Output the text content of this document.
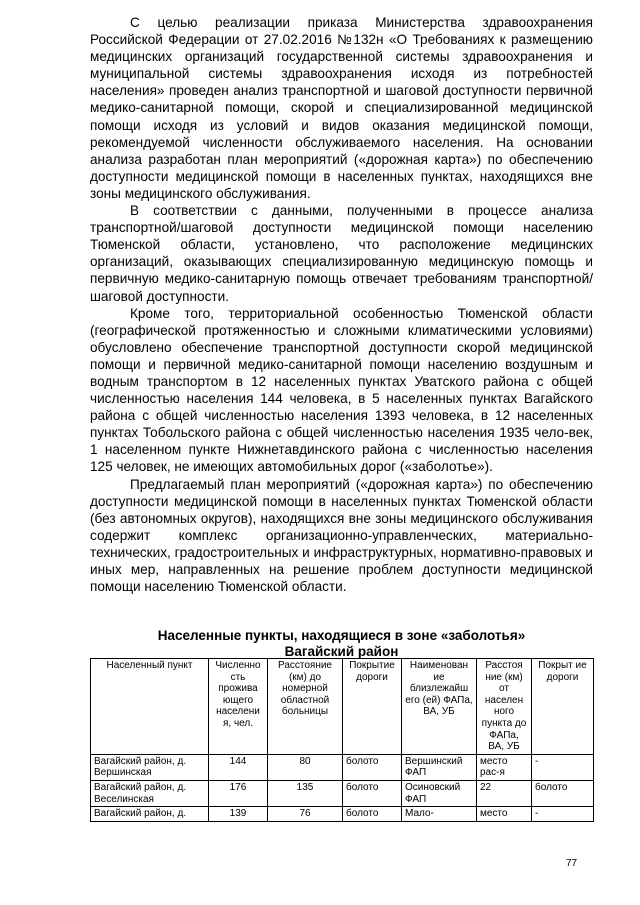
С целью реализации приказа Министерства здравоохранения Российской Федерации от 27.02.2016 №132н «О Требованиях к размещению медицинских организаций государственной системы здравоохранения и муниципальной системы здравоохранения исходя из потребностей населения» проведен анализ транспортной и шаговой доступности первичной медико-санитарной помощи, скорой и специализированной медицинской помощи исходя из условий и видов оказания медицинской помощи, рекомендуемой численности обслуживаемого населения. На основании анализа разработан план мероприятий («дорожная карта») по обеспечению доступности медицинской помощи в населенных пунктах, находящихся вне зоны медицинского обслуживания.

В соответствии с данными, полученными в процессе анализа транспортной/шаговой доступности медицинской помощи населению Тюменской области, установлено, что расположение медицинских организаций, оказывающих специализированную медицинскую помощь и первичную медико-санитарную помощь отвечает требованиям транспортной/шаговой доступности.

Кроме того, территориальной особенностью Тюменской области (географической протяженностью и сложными климатическими условиями) обусловлено обеспечение транспортной доступности скорой медицинской помощи и первичной медико-санитарной помощи населению воздушным и водным транспортом в 12 населенных пунктах Уватского района с общей численностью населения 144 человека, в 5 населенных пунктах Вагайского района с общей численностью населения 1393 человека, в 12 населенных пунктах Тобольского района с общей численностью населения 1935 чело-век, 1 населенном пункте Нижнетавдинского района с численностью населения 125 человек, не имеющих автомобильных дорог («заболотье»).

Предлагаемый план мероприятий («дорожная карта») по обеспечению доступности медицинской помощи в населенных пунктах Тюменской области (без автономных округов), находящихся вне зоны медицинского обслуживания содержит комплекс организационно-управленческих, материально-технических, градостроительных и инфраструктурных, нормативно-правовых и иных мер, направленных на решение проблем доступности медицинской помощи населению Тюменской области.

Населенные пункты, находящиеся в зоне «заболотья»
Вагайский район
Населенный пункт	Численно сть прожива ющего населени я, чел.	Расстояние (км) до номерной областной больницы	Покрытие дороги	Наименован ие близлежайш его (ей) ФАПа, ВА, УБ	Расстоя ние (км) от населен ного пункта до ФАПа, ВА, УБ	Покрыт ие дороги
Вагайский район, д. Вершинская	144	80	болото	Вершинский ФАП	место рас-я	-
Вагайский район, д. Веселинская	176	135	болото	Осиновский ФАП	22	болото
Вагайский район, д.	139	76	болото	Мало-	место	-
77
